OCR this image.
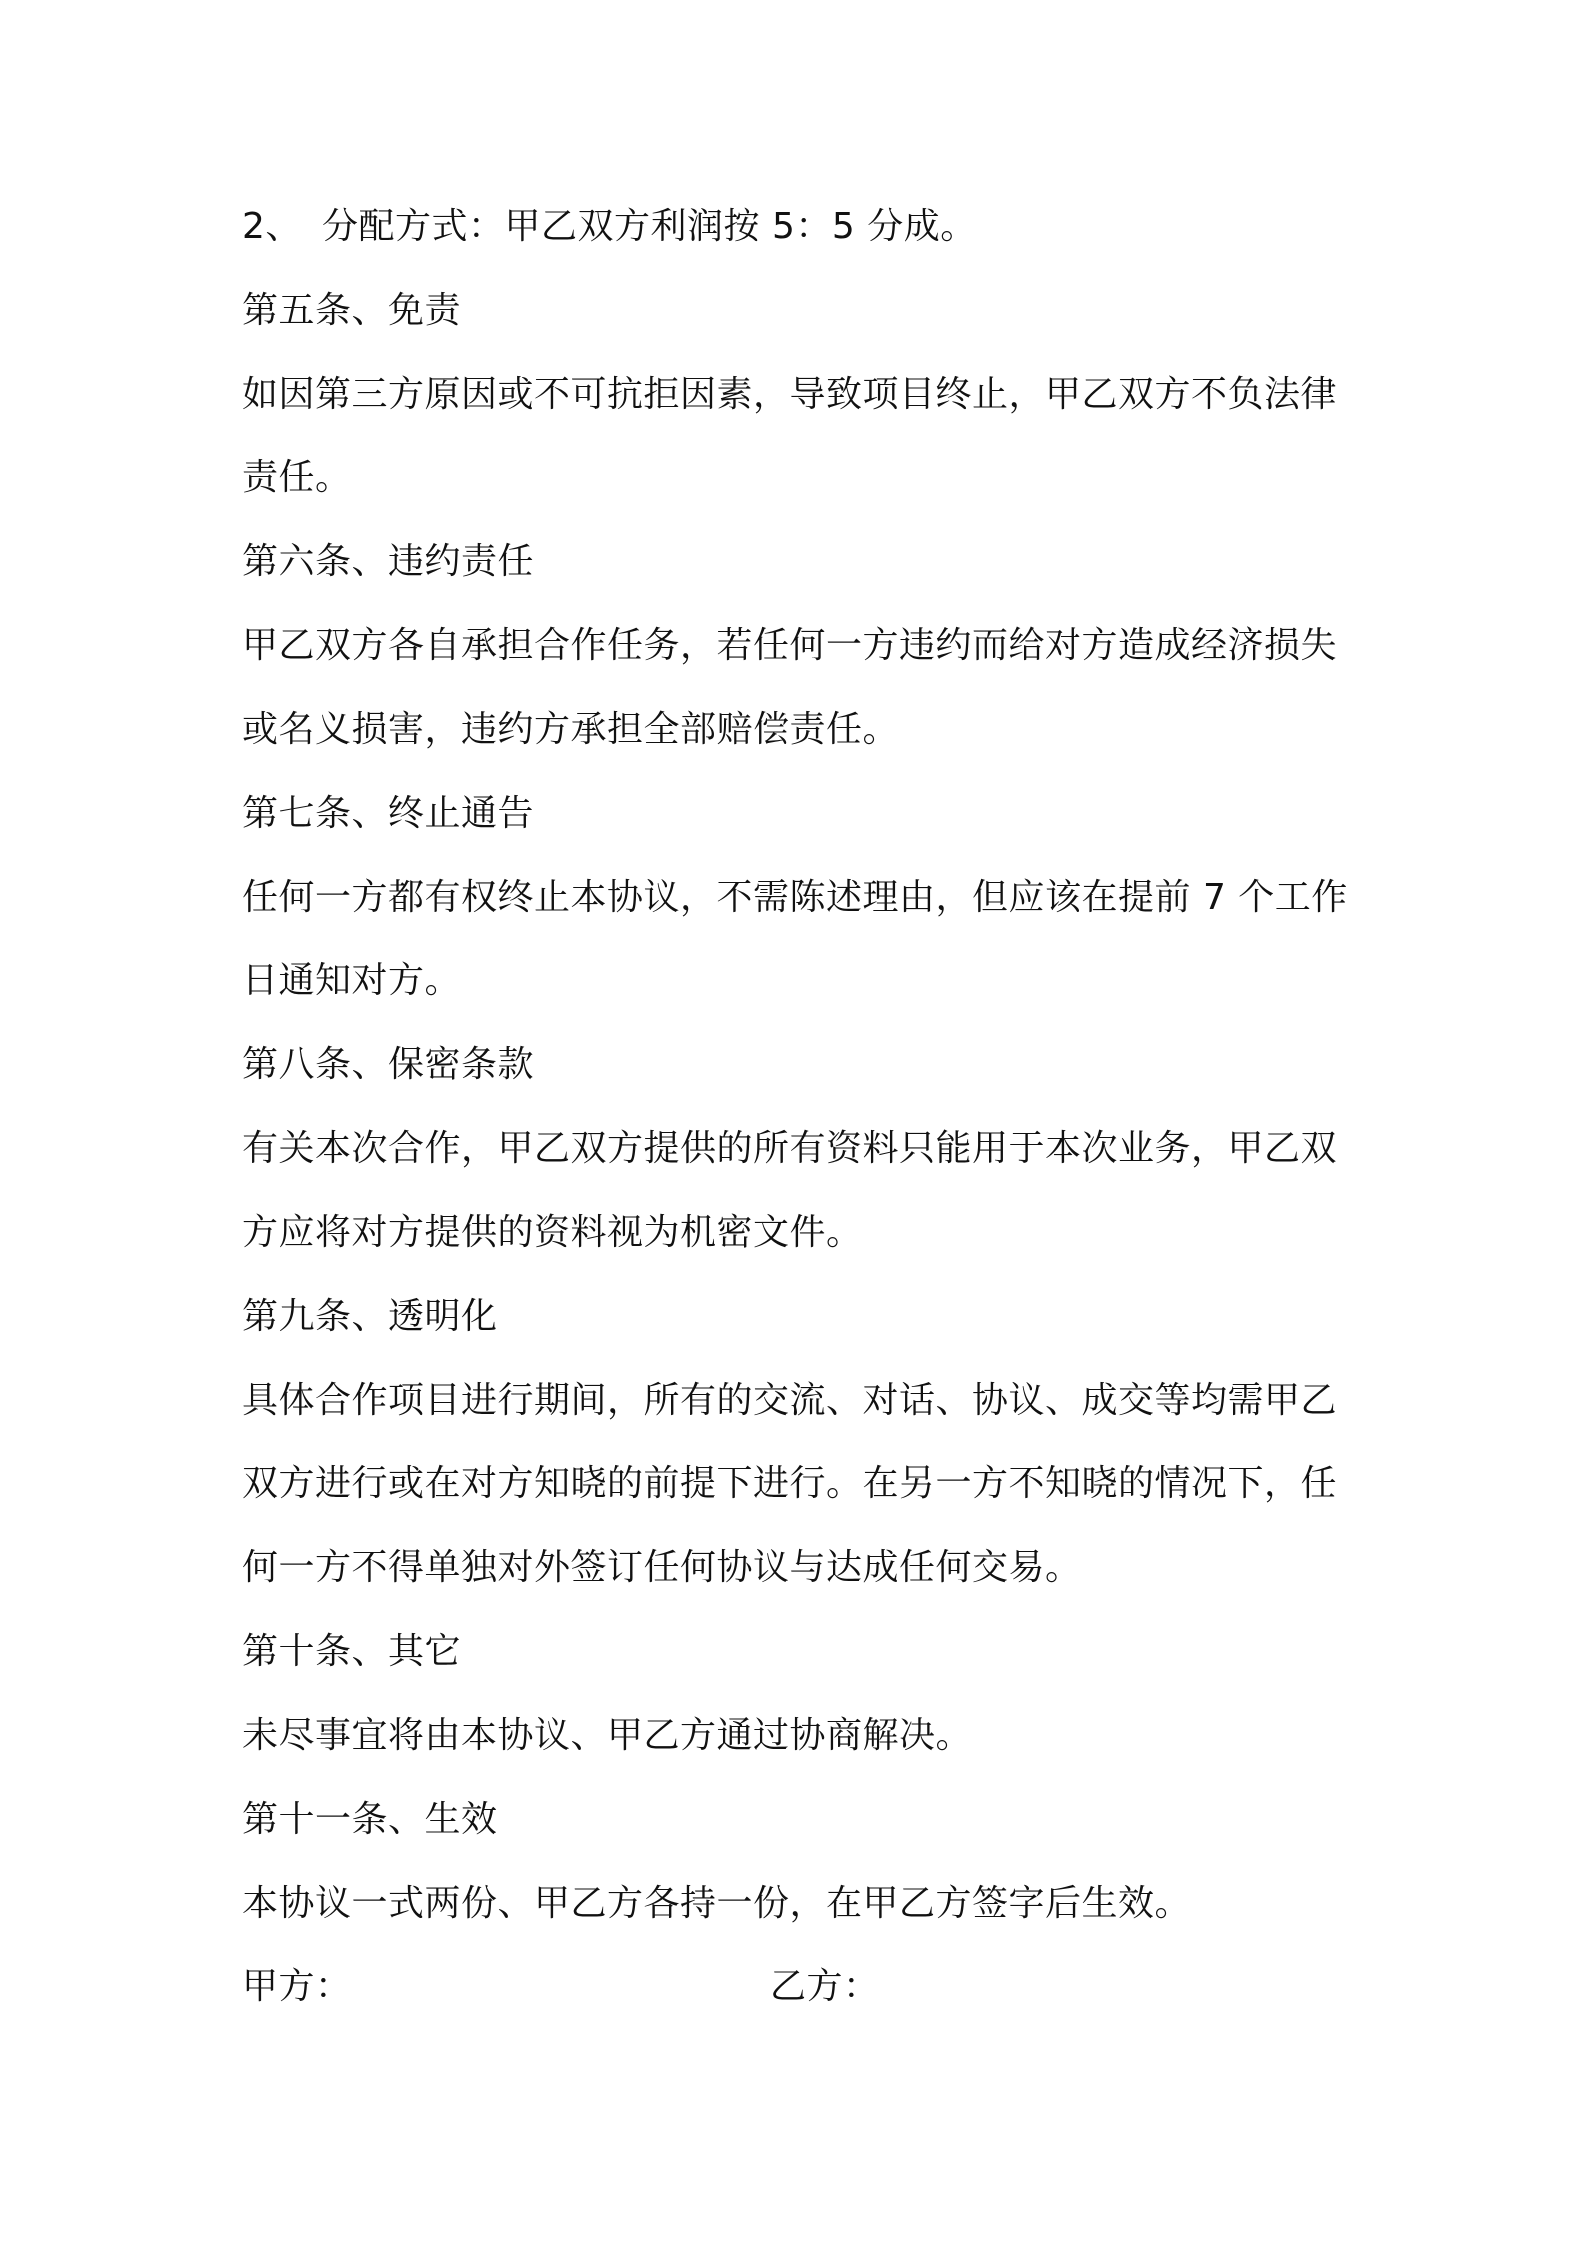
2、 分配方式：甲乙双方利润按 5：5 分成。
第五条、免责
如因第三方原因或不可抗拒因素，导致项目终止，甲乙双方不负法律
责任。
第六条、违约责任
甲乙双方各自承担合作任务，若任何一方违约而给对方造成经济损失
或名义损害，违约方承担全部赔偿责任。
第七条、终止通告
任何一方都有权终止本协议，不需陈述理由，但应该在提前 7 个工作
日通知对方。
第八条、保密条款
有关本次合作，甲乙双方提供的所有资料只能用于本次业务，甲乙双
方应将对方提供的资料视为机密文件。
第九条、透明化
具体合作项目进行期间，所有的交流、对话、协议、成交等均需甲乙
双方进行或在对方知晓的前提下进行。在另一方不知晓的情况下，任
何一方不得单独对外签订任何协议与达成任何交易。
第十条、其它
未尽事宜将由本协议、甲乙方通过协商解决。
第十一条、生效
本协议一式两份、甲乙方各持一份，在甲乙方签字后生效。
甲方：	乙方：
